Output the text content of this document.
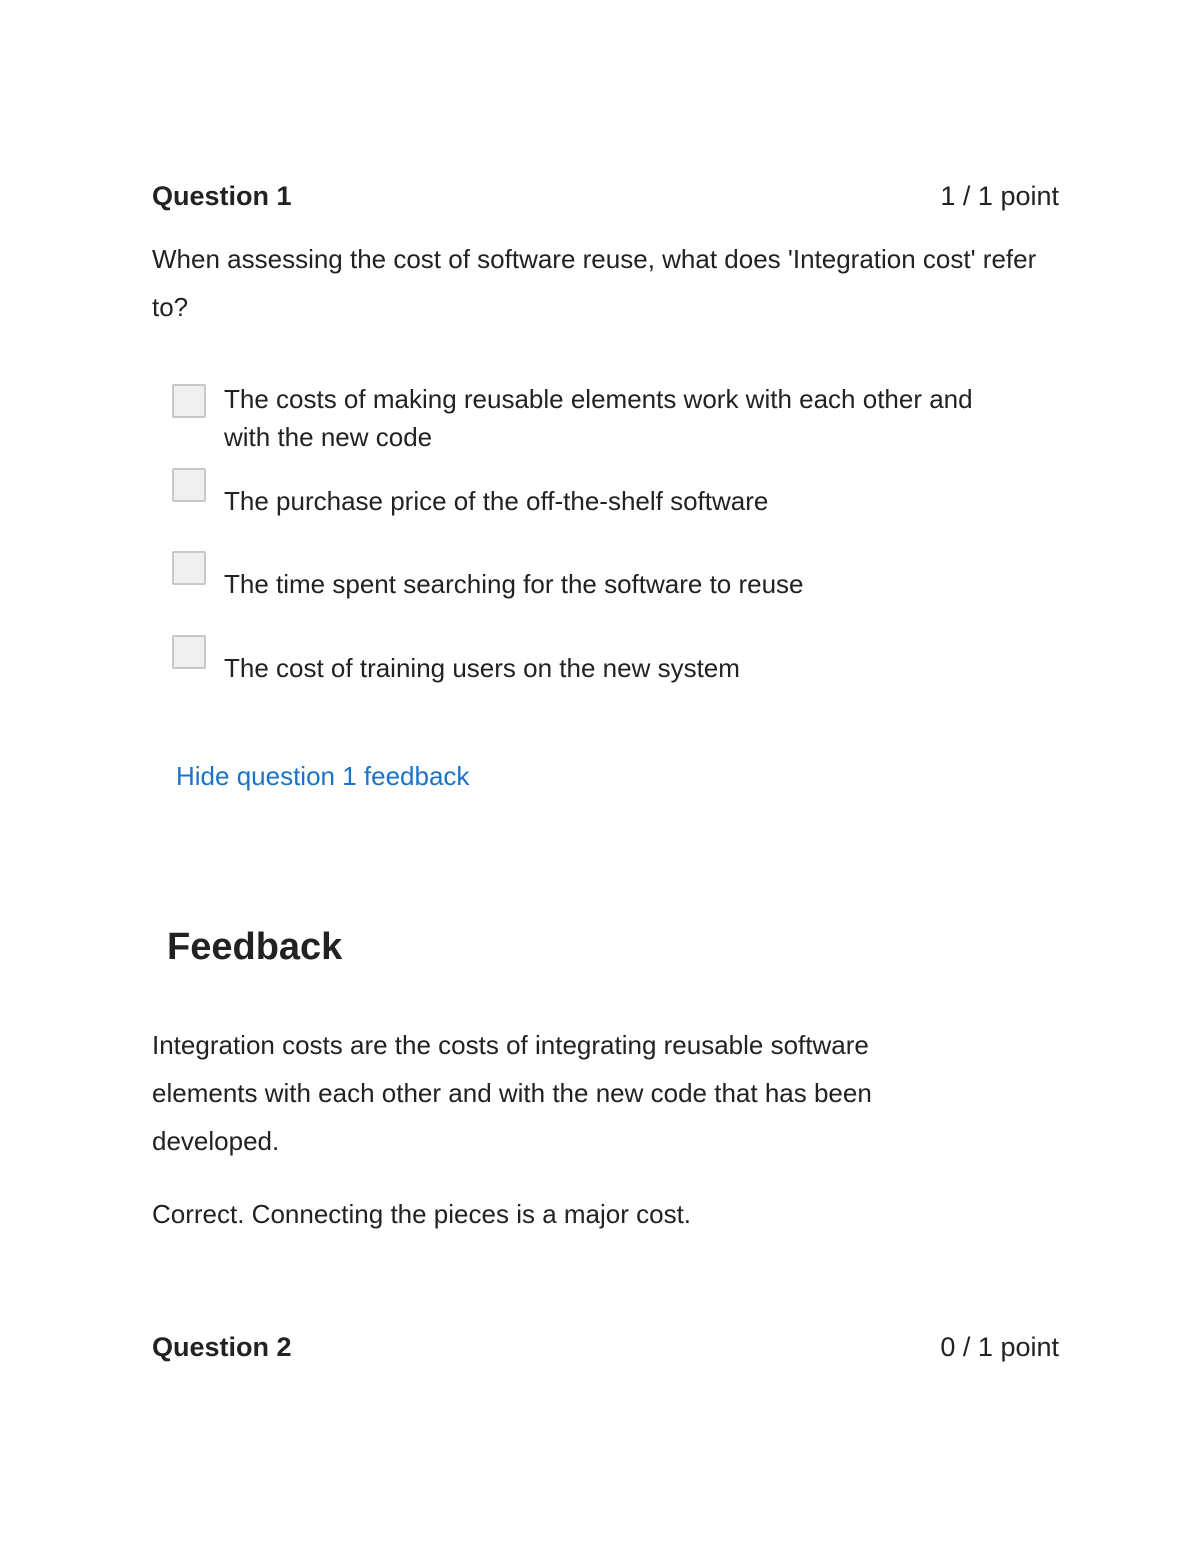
Question 1	1 / 1 point
When assessing the cost of software reuse, what does 'Integration cost' refer to?
The costs of making reusable elements work with each other and with the new code
The purchase price of the off-the-shelf software
The time spent searching for the software to reuse
The cost of training users on the new system
Hide question 1 feedback
Feedback
Integration costs are the costs of integrating reusable software elements with each other and with the new code that has been developed.
Correct. Connecting the pieces is a major cost.
Question 2	0 / 1 point
